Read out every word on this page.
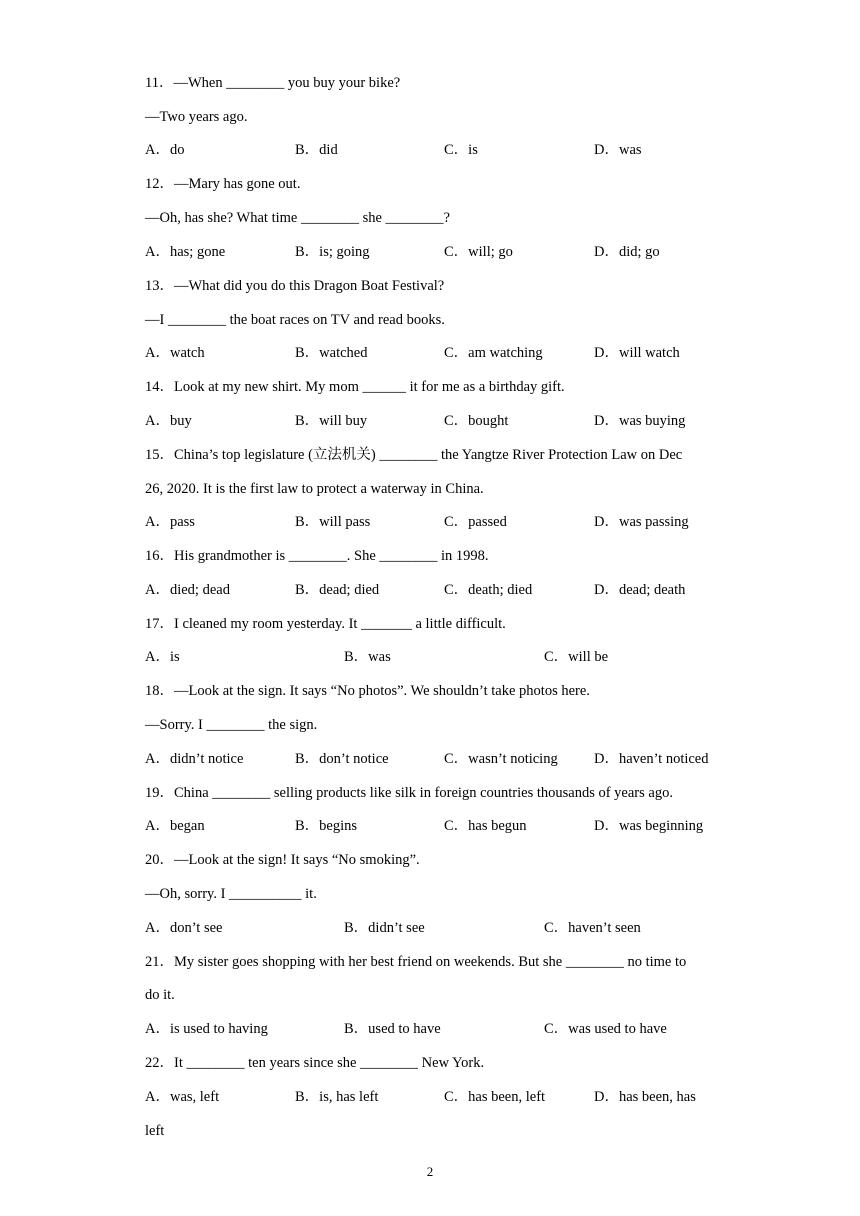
11．—When ________ you buy your bike?
—Two years ago.
A．do	B．did	C．is	D．was
12．—Mary has gone out.
—Oh, has she? What time ________ she ________?
A．has; gone	B．is; going	C．will; go	D．did; go
13．—What did you do this Dragon Boat Festival?
—I ________ the boat races on TV and read books.
A．watch	B．watched	C．am watching	D．will watch
14．Look at my new shirt. My mom ______ it for me as a birthday gift.
A．buy	B．will buy	C．bought	D．was buying
15．China’s top legislature (立法机关) ________ the Yangtze River Protection Law on Dec
26, 2020. It is the first law to protect a waterway in China.
A．pass	B．will pass	C．passed	D．was passing
16．His grandmother is ________. She ________ in 1998.
A．died; dead	B．dead; died	C．death; died	D．dead; death
17．I cleaned my room yesterday. It _______ a little difficult.
A．is	B．was	C．will be
18．—Look at the sign. It says “No photos”. We shouldn’t take photos here.
—Sorry. I ________ the sign.
A．didn’t notice	B．don’t notice	C．wasn’t noticing	D．haven’t noticed
19．China ________ selling products like silk in foreign countries thousands of years ago.
A．began	B．begins	C．has begun	D．was beginning
20．—Look at the sign! It says “No smoking”.
—Oh, sorry. I __________ it.
A．don’t see	B．didn’t see	C．haven’t seen
21．My sister goes shopping with her best friend on weekends. But she ________ no time to
do it.
A．is used to having	B．used to have	C．was used to have
22．It ________ ten years since she ________ New York.
A．was, left	B．is, has left	C．has been, left	D．has been, has
left
2
